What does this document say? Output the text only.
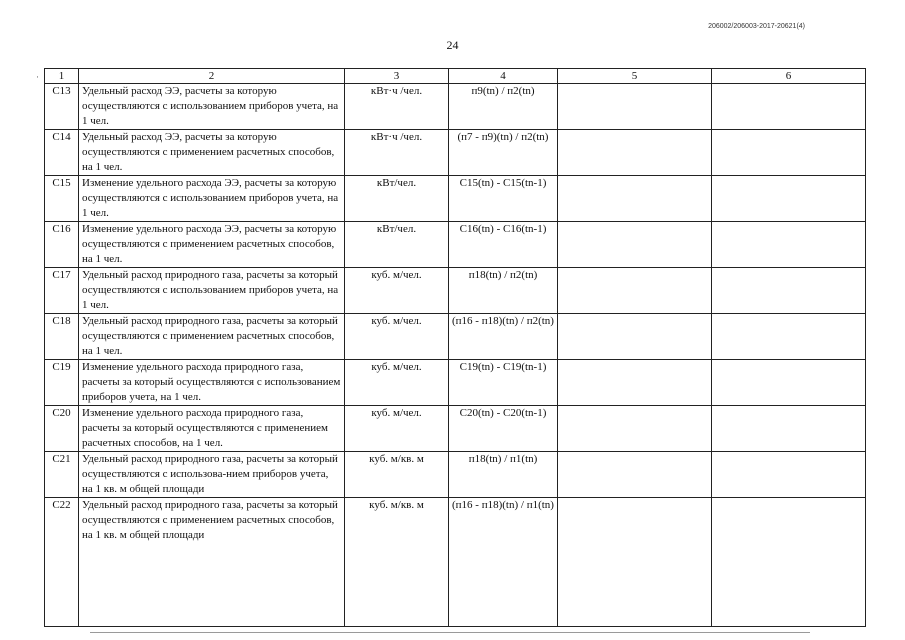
206002/206003-2017-20621(4)
24
· 1	2	3	4	5	6
С13	Удельный расход ЭЭ, расчеты за которую осуществляются с использованием приборов учета, на 1 чел.	кВт·ч /чел.	п9(tn) / п2(tn)		
С14	Удельный расход ЭЭ, расчеты за которую осуществляются с применением расчетных способов, на 1 чел.	кВт·ч /чел.	(п7 - п9)(tn) / п2(tn)		
С15	Изменение удельного расхода ЭЭ, расчеты за которую осуществляются с использованием приборов учета, на 1 чел.	кВт/чел.	С15(tn) - С15(tn-1)		
С16	Изменение удельного расхода ЭЭ, расчеты за которую осуществляются с применением расчетных способов, на 1 чел.	кВт/чел.	С16(tn) - С16(tn-1)		
С17	Удельный расход природного газа, расчеты за который осуществляются с использованием приборов учета, на 1 чел.	куб. м/чел.	п18(tn) / п2(tn)		
С18	Удельный расход природного газа, расчеты за который осуществляются с применением расчетных способов, на 1 чел.	куб. м/чел.	(п16 - п18)(tn) / п2(tn)		
С19	Изменение удельного расхода природного газа, расчеты за который осуществляются с использованием приборов учета, на 1 чел.	куб. м/чел.	С19(tn) - С19(tn-1)		
С20	Изменение удельного расхода природного газа, расчеты за который осуществляются с применением расчетных способов, на 1 чел.	куб. м/чел.	С20(tn) - С20(tn-1)		
С21	Удельный расход природного газа, расчеты за который осуществляются с использова-нием приборов учета, на 1 кв. м общей площади	куб. м/кв. м	п18(tn) / п1(tn)		
С22	Удельный расход природного газа, расчеты за который осуществляются с применением расчетных способов, на 1 кв. м общей площади	куб. м/кв. м	(п16 - п18)(tn) / п1(tn)		
